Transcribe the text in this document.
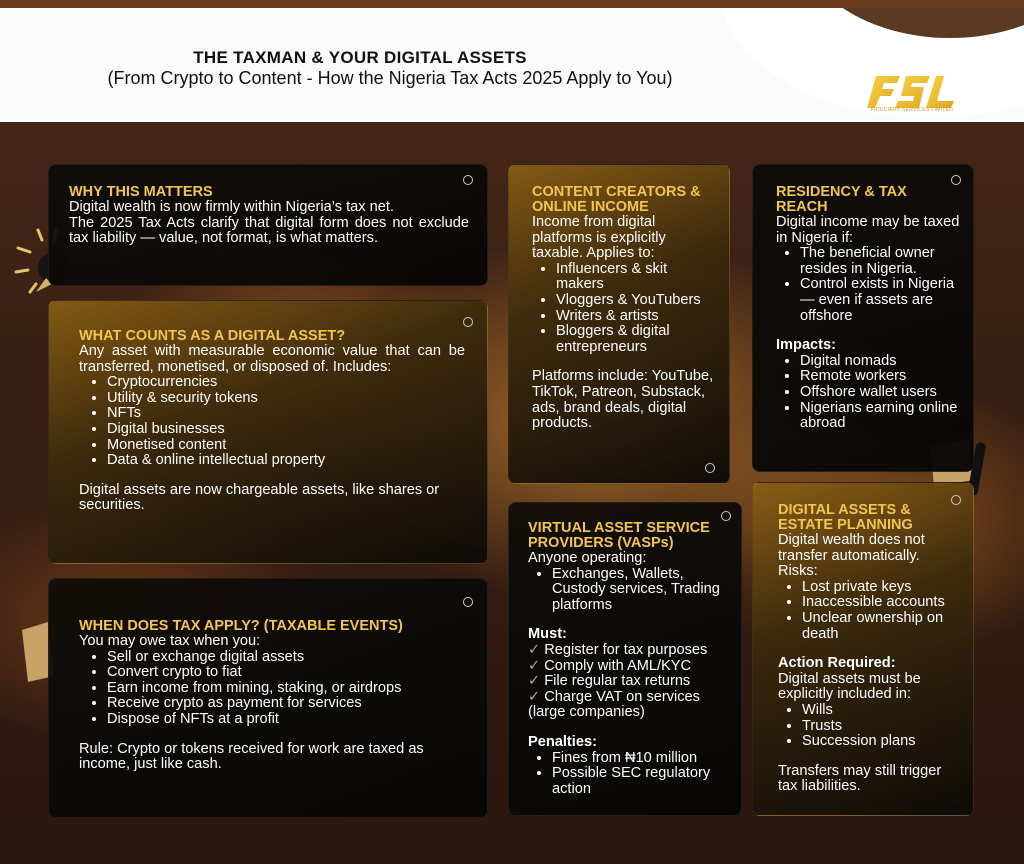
THE TAXMAN & YOUR DIGITAL ASSETS
(From Crypto to Content - How the Nigeria Tax Acts 2025 Apply to You)
FIDUCIARY SERVICES LIMITED
WHY THIS MATTERS

Digital wealth is now firmly within Nigeria’s tax net.

The 2025 Tax Acts clarify that digital form does not exclude tax liability — value, not format, is what matters.

WHAT COUNTS AS A DIGITAL ASSET?

Any asset with measurable economic value that can be transferred, monetised, or disposed of. Includes:

• Cryptocurrencies
• Utility & security tokens
• NFTs
• Digital businesses
• Monetised content
• Data & online intellectual property

Digital assets are now chargeable assets, like shares or securities.

WHEN DOES TAX APPLY? (TAXABLE EVENTS)

You may owe tax when you:

• Sell or exchange digital assets
• Convert crypto to fiat
• Earn income from mining, staking, or airdrops
• Receive crypto as payment for services
• Dispose of NFTs at a profit

Rule: Crypto or tokens received for work are taxed as income, just like cash.

CONTENT CREATORS & ONLINE INCOME

Income from digital platforms is explicitly taxable. Applies to:

• Influencers & skit makers
• Vloggers & YouTubers
• Writers & artists
• Bloggers & digital entrepreneurs

Platforms include: YouTube, TikTok, Patreon, Substack, ads, brand deals, digital products.

VIRTUAL ASSET SERVICE PROVIDERS (VASPs)

Anyone operating:

• Exchanges, Wallets, Custody services, Trading platforms

Must:

✓ Register for tax purposes
✓ Comply with AML/KYC
✓ File regular tax returns
✓ Charge VAT on services

(large companies)

Penalties:

• Fines from ₦10 million
• Possible SEC regulatory action
RESIDENCY & TAX REACH

Digital income may be taxed in Nigeria if:

• The beneficial owner resides in Nigeria.
• Control exists in Nigeria — even if assets are offshore

Impacts:

• Digital nomads
• Remote workers
• Offshore wallet users
• Nigerians earning online abroad
DIGITAL ASSETS & ESTATE PLANNING

Digital wealth does not transfer automatically. Risks:

• Lost private keys
• Inaccessible accounts
• Unclear ownership on death

Action Required:

Digital assets must be explicitly included in:

• Wills
• Trusts
• Succession plans

Transfers may still trigger tax liabilities.
